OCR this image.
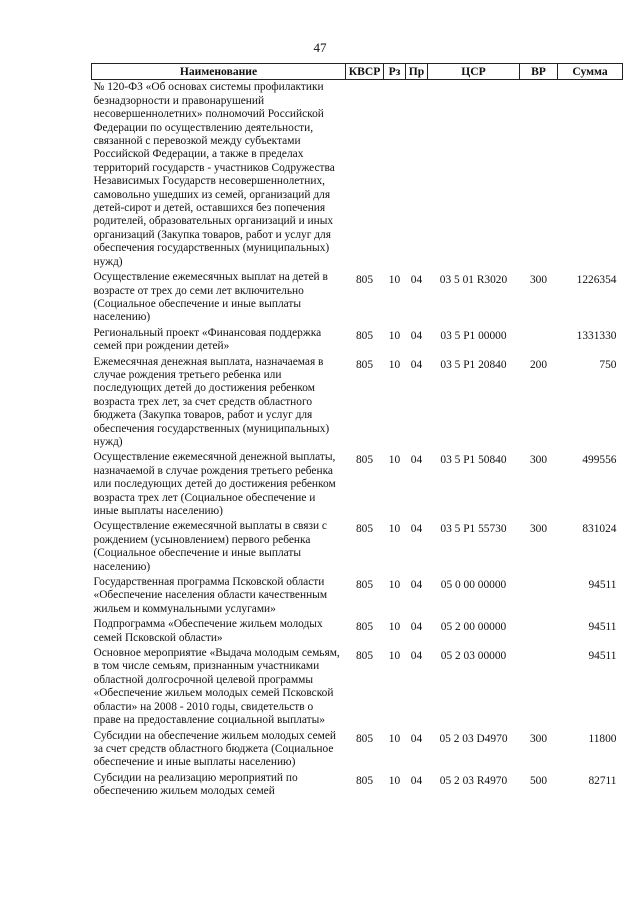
47
Наименование	КВСР	Рз	Пр	ЦСР	ВР	Сумма
№ 120-ФЗ «Об основах системы профилактики безнадзорности и правонарушений несовершеннолетних» полномочий Российской Федерации по осуществлению деятельности, связанной с перевозкой между субъектами Российской Федерации, а также в пределах территорий государств - участников Содружества Независимых Государств несовершеннолетних, самовольно ушедших из семей, организаций для детей-сирот и детей, оставшихся без попечения родителей, образовательных организаций и иных организаций (Закупка товаров, работ и услуг для обеспечения государственных (муниципальных) нужд)						
Осуществление ежемесячных выплат на детей в возрасте от трех до семи лет включительно (Социальное обеспечение и иные выплаты населению)	805	10	04	03 5 01 R3020	300	1226354
Региональный проект «Финансовая поддержка семей при рождении детей»	805	10	04	03 5 P1 00000		1331330
Ежемесячная денежная выплата, назначаемая в случае рождения третьего ребенка или последующих детей до достижения ребенком возраста трех лет, за счет средств областного бюджета (Закупка товаров, работ и услуг для обеспечения государственных (муниципальных) нужд)	805	10	04	03 5 P1 20840	200	750
Осуществление ежемесячной денежной выплаты, назначаемой в случае рождения третьего ребенка или последующих детей до достижения ребенком возраста трех лет (Социальное обеспечение и иные выплаты населению)	805	10	04	03 5 P1 50840	300	499556
Осуществление ежемесячной выплаты в связи с рождением (усыновлением) первого ребенка (Социальное обеспечение и иные выплаты населению)	805	10	04	03 5 P1 55730	300	831024
Государственная программа Псковской области «Обеспечение населения области качественным жильем и коммунальными услугами»	805	10	04	05 0 00 00000		94511
Подпрограмма «Обеспечение жильем молодых семей Псковской области»	805	10	04	05 2 00 00000		94511
Основное мероприятие «Выдача молодым семьям, в том числе семьям, признанным участниками областной долгосрочной целевой программы «Обеспечение жильем молодых семей Псковской области» на 2008 - 2010 годы, свидетельств о праве на предоставление социальной выплаты»	805	10	04	05 2 03 00000		94511
Субсидии на обеспечение жильем молодых семей за счет средств областного бюджета (Социальное обеспечение и иные выплаты населению)	805	10	04	05 2 03 D4970	300	11800
Субсидии на реализацию мероприятий по обеспечению жильем молодых семей	805	10	04	05 2 03 R4970	500	82711
